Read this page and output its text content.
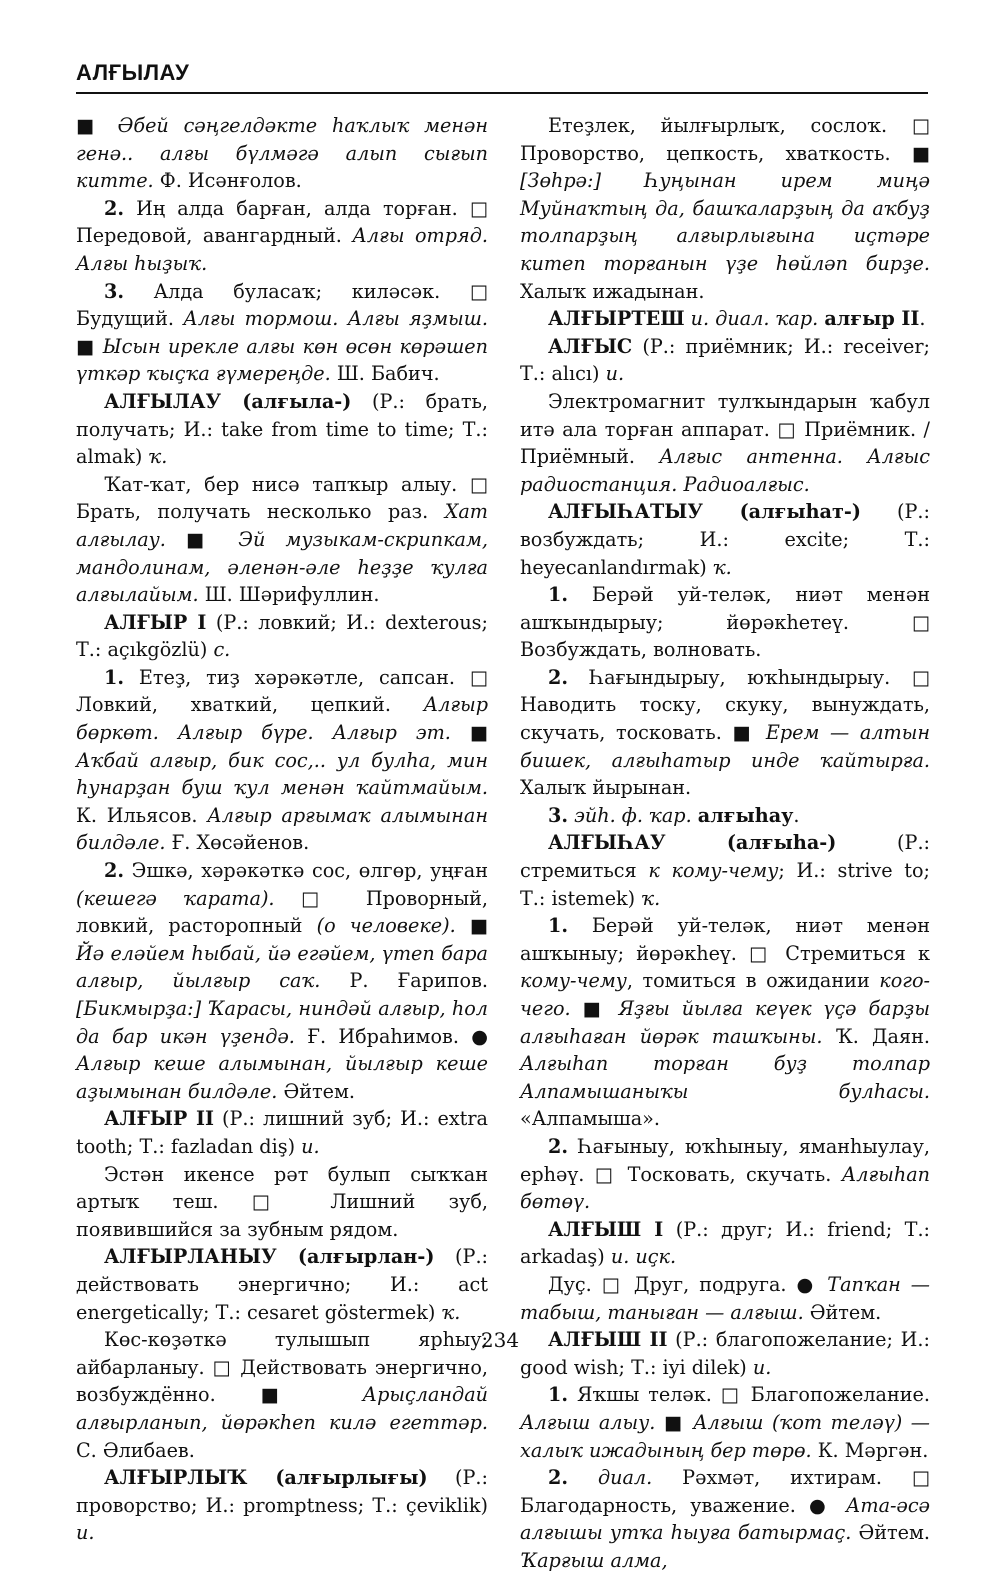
АЛҒЫЛАУ

■ Әбей сәңгелдәкте һаҡлыҡ менән генә.. алғы бүлмәгә алып сығып китте. Ф. Исәнғолов.

2. Иң алда барған, алда торған. □ Передовой, авангардный. Алғы отряд. Алғы һыҙыҡ.

3. Алда буласаҡ; киләсәк. □ Будущий. Алғы тормош. Алғы яҙмыш. ■ Ысын ирекле алғы көн өсөн көрәшеп үткәр ҡыҫҡа ғүмереңде. Ш. Бабич.

АЛҒЫЛАУ (алғыла-) (Р.: брать, получать; И.: take from time to time; Т.: almak) ҡ.

Ҡат-ҡат, бер нисә тапҡыр алыу. □ Брать, получать несколько раз. Хат алғылау. ■ Эй музыкам-скрипкам, мандолинам, әленән-әле һеҙҙе ҡулға алғылайым. Ш. Шәрифуллин.

АЛҒЫР I (Р.: ловкий; И.: dexterous; Т.: açıkgözlü) с.

1. Етеҙ, тиҙ хәрәкәтле, сапсан. □ Ловкий, хваткий, цепкий. Алғыр бөркөт. Алғыр бүре. Алғыр эт. ■ Аҡбай алғыр, бик сос,.. ул булһа, мин һунарҙан буш ҡул менән ҡайтмайым. К. Ильясов. Алғыр арғымаҡ алымынан билдәле. Ғ. Хөсәйенов.

2. Эшкә, хәрәкәткә сос, өлгөр, уңған (кешегә ҡарата). □ Проворный, ловкий, расторопный (о человеке). ■ Йә еләйем һыбай, йә егәйем, үтеп бара алғыр, йылғыр саҡ. Р. Ғарипов. [Бикмырҙа:] Ҡарасы, ниндәй алғыр, һол да бар икән үҙендә. Ғ. Ибраһимов. ● Алғыр кеше алымынан, йылғыр кеше аҙымынан билдәле. Әйтем.

АЛҒЫР II (Р.: лишний зуб; И.: extra tooth; Т.: fazladan diş) и.

Эстән икенсе рәт булып сыҡҡан артыҡ теш. □ Лишний зуб, появившийся за зубным рядом.

АЛҒЫРЛАНЫУ (алғырлан-) (Р.: действовать энергично; И.: act energetically; Т.: cesaret göstermek) ҡ.

Көс-көҙәткә тулышып ярһыу; айбарланыу. □ Действовать энергично, возбуждённо. ■ Арыҫландай алғырланып, йөрәкһеп килә егеттәр. С. Әлибаев.

АЛҒЫРЛЫҠ (алғырлығы) (Р.: проворство; И.: promptness; Т.: çeviklik) и.

Етеҙлек, йылғырлыҡ, сослоҡ. □ Проворство, цепкость, хваткость. ■ [Зөһрә:] Һуңынан ирем миңә Муйнаҡтың да, башҡаларҙың да аҡбуҙ толпарҙың алғырлығына иҫтәре китеп торғанын үҙе һөйләп бирҙе. Халыҡ ижадынан.

АЛҒЫРТЕШ и. диал. ҡар. алғыр II.

АЛҒЫС (Р.: приёмник; И.: receiver; Т.: alıcı) и.

Электромагнит тулҡындарын ҡабул итә ала торған аппарат. □ Приёмник. / Приёмный. Алғыс антенна. Алғыс радиостанция. Радиоалғыс.

АЛҒЫҺАТЫУ (алғыһат-) (Р.: возбуждать; И.: excite; Т.: heyecanlandırmak) ҡ.

1. Берәй уй-теләк, ниәт менән ашҡындырыу; йөрәкһетеү. □ Возбуждать, волновать.

2. Һағындырыу, юҡһындырыу. □ Наводить тоску, скуку, вынуждать, скучать, тосковать. ■ Ерем — алтын бишек, алғыһатыр инде ҡайтырға. Халыҡ йырынан.

3. эйһ. ф. ҡар. алғыһау.

АЛҒЫҺАУ (алғыһа-) (Р.: стремиться к кому-чему; И.: strive to; Т.: istemek) ҡ.

1. Берәй уй-теләк, ниәт менән ашҡыныу; йөрәкһеү. □ Стремиться к кому-чему, томиться в ожидании кого-чего. ■ Яҙғы йылға кеүек үҫә барҙы алғыһаған йөрәк ташҡыны. Ҡ. Даян. Алғыһап торған буҙ толпар Алпамышаныҡы булһасы. «Алпамыша».

2. Һағыныу, юҡһыныу, яманһыулау, ерһәү. □ Тосковать, скучать. Алғыһап бөтөү.

АЛҒЫШ I (Р.: друг; И.: friend; Т.: arkadaş) и. иҫк.

Дуҫ. □ Друг, подруга. ● Тапҡан — табыш, таныған — алғыш. Әйтем.

АЛҒЫШ II (Р.: благопожелание; И.: good wish; Т.: iyi dilek) и.

1. Яҡшы теләк. □ Благопожелание. Алғыш алыу. ■ Алғыш (ҡот теләү) — халыҡ ижадының бер төрө. К. Мәргән.

2. диал. Рәхмәт, ихтирам. □ Благодарность, уважение. ● Ата-әсә алғышы утҡа һыуға батырмаҫ. Әйтем. Ҡарғыш алма,

234
